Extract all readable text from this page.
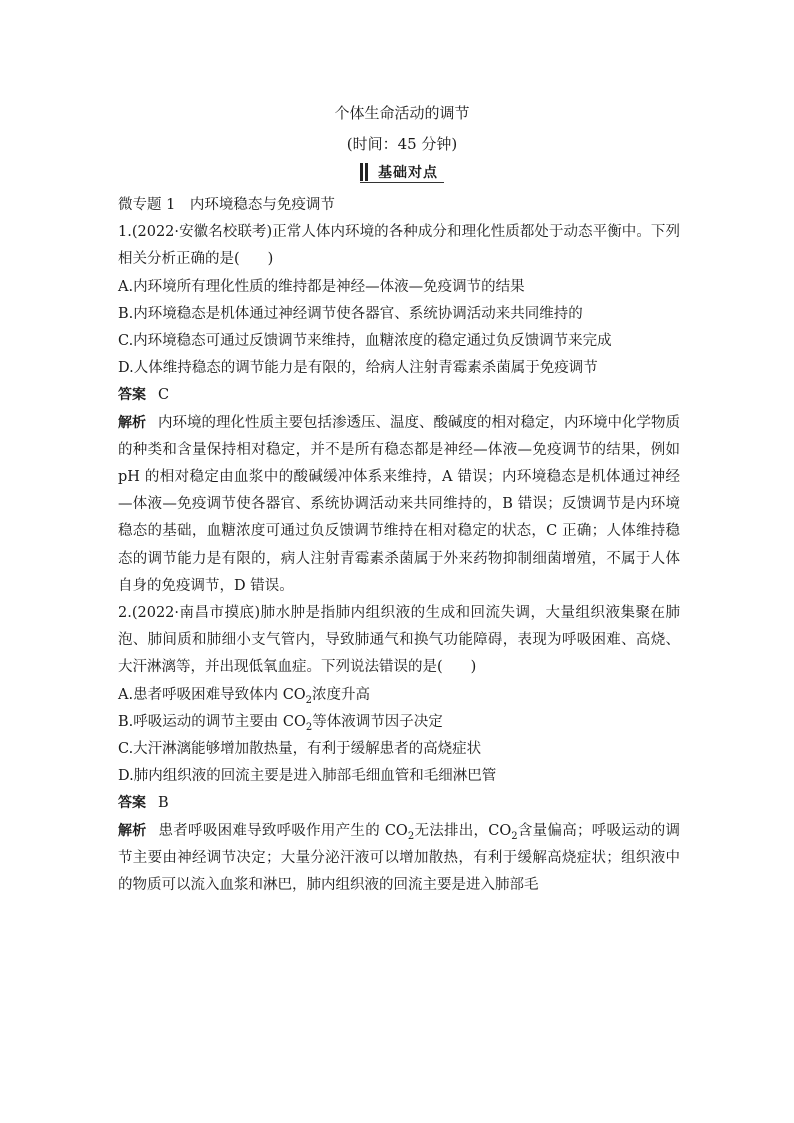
个体生命活动的调节
(时间：45 分钟)
基础对点

微专题 1　内环境稳态与免疫调节

1.(2022·安徽名校联考)正常人体内环境的各种成分和理化性质都处于动态平衡中。下列相关分析正确的是( )

A.内环境所有理化性质的维持都是神经—体液—免疫调节的结果

B.内环境稳态是机体通过神经调节使各器官、系统协调活动来共同维持的

C.内环境稳态可通过反馈调节来维持，血糖浓度的稳定通过负反馈调节来完成

D.人体维持稳态的调节能力是有限的，给病人注射青霉素杀菌属于免疫调节

答案 C

解析 内环境的理化性质主要包括渗透压、温度、酸碱度的相对稳定，内环境中化学物质的种类和含量保持相对稳定，并不是所有稳态都是神经—体液—免疫调节的结果，例如 pH 的相对稳定由血浆中的酸碱缓冲体系来维持，A 错误；内环境稳态是机体通过神经—体液—免疫调节使各器官、系统协调活动来共同维持的，B 错误；反馈调节是内环境稳态的基础，血糖浓度可通过负反馈调节维持在相对稳定的状态，C 正确；人体维持稳态的调节能力是有限的，病人注射青霉素杀菌属于外来药物抑制细菌增殖，不属于人体自身的免疫调节，D 错误。

2.(2022·南昌市摸底)肺水肿是指肺内组织液的生成和回流失调，大量组织液集聚在肺泡、肺间质和肺细小支气管内，导致肺通气和换气功能障碍，表现为呼吸困难、高烧、大汗淋漓等，并出现低氧血症。下列说法错误的是( )

A.患者呼吸困难导致体内 $CO_2$浓度升高

B.呼吸运动的调节主要由 $CO_2$等体液调节因子决定

C.大汗淋漓能够增加散热量，有利于缓解患者的高烧症状

D.肺内组织液的回流主要是进入肺部毛细血管和毛细淋巴管

答案 B

解析 患者呼吸困难导致呼吸作用产生的 $CO_2$无法排出，$CO_2$含量偏高；呼吸运动的调节主要由神经调节决定；大量分泌汗液可以增加散热，有利于缓解高烧症状；组织液中的物质可以流入血浆和淋巴，肺内组织液的回流主要是进入肺部毛
